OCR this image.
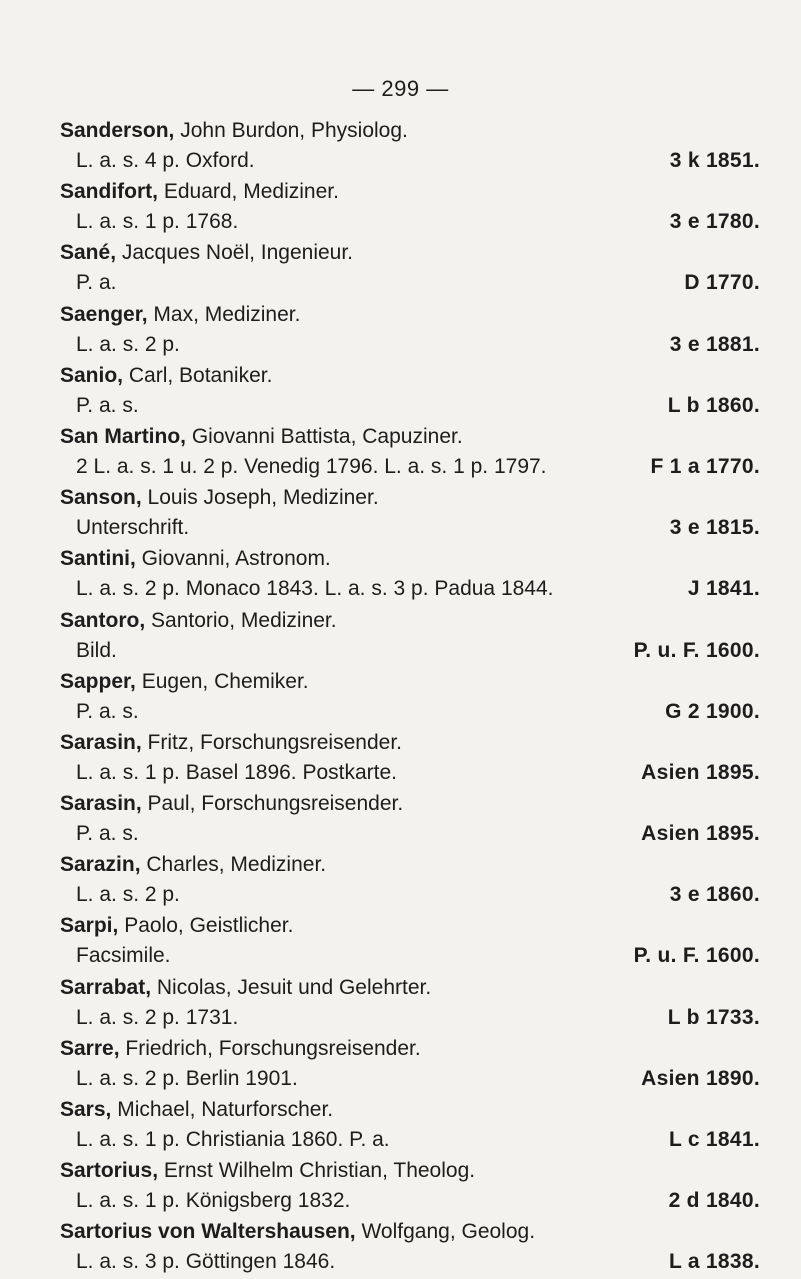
— 299 —
Sanderson, John Burdon, Physiolog.
L. a. s. 4 p. Oxford.	3 k 1851.
Sandifort, Eduard, Mediziner.
L. a. s. 1 p. 1768.	3 e 1780.
Sané, Jacques Noël, Ingenieur.
P. a.	D 1770.
Saenger, Max, Mediziner.
L. a. s. 2 p.	3 e 1881.
Sanio, Carl, Botaniker.
P. a. s.	L b 1860.
San Martino, Giovanni Battista, Capuziner.
2 L. a. s. 1 u. 2 p. Venedig 1796. L. a. s. 1 p. 1797.	F 1 a 1770.
Sanson, Louis Joseph, Mediziner.
Unterschrift.	3 e 1815.
Santini, Giovanni, Astronom.
L. a. s. 2 p. Monaco 1843. L. a. s. 3 p. Padua 1844.	J 1841.
Santoro, Santorio, Mediziner.
Bild.	P. u. F. 1600.
Sapper, Eugen, Chemiker.
P. a. s.	G 2 1900.
Sarasin, Fritz, Forschungsreisender.
L. a. s. 1 p. Basel 1896. Postkarte.	Asien 1895.
Sarasin, Paul, Forschungsreisender.
P. a. s.	Asien 1895.
Sarazin, Charles, Mediziner.
L. a. s. 2 p.	3 e 1860.
Sarpi, Paolo, Geistlicher.
Facsimile.	P. u. F. 1600.
Sarrabat, Nicolas, Jesuit und Gelehrter.
L. a. s. 2 p. 1731.	L b 1733.
Sarre, Friedrich, Forschungsreisender.
L. a. s. 2 p. Berlin 1901.	Asien 1890.
Sars, Michael, Naturforscher.
L. a. s. 1 p. Christiania 1860. P. a.	L c 1841.
Sartorius, Ernst Wilhelm Christian, Theolog.
L. a. s. 1 p. Königsberg 1832.	2 d 1840.
Sartorius von Waltershausen, Wolfgang, Geolog.
L. a. s. 3 p. Göttingen 1846.	L a 1838.
